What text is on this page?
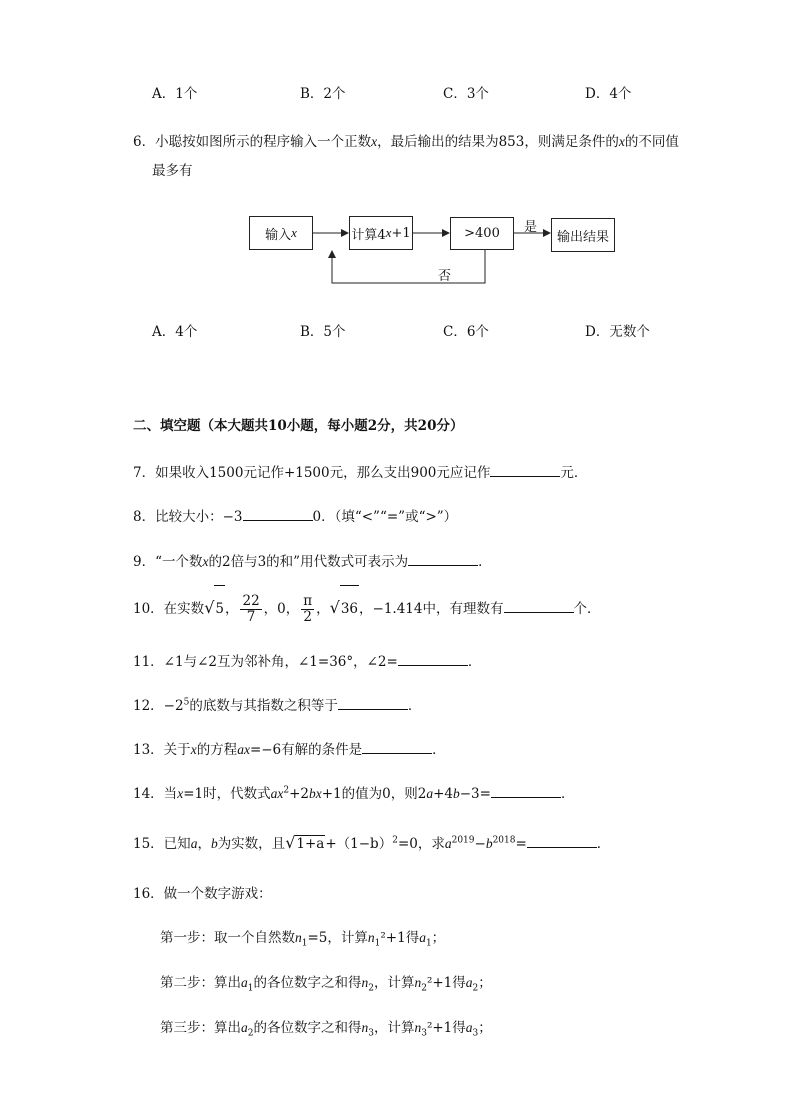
A．1个	B．2个	C．3个	D．4个
6．小聪按如图所示的程序输入一个正数x，最后输出的结果为853，则满足条件的x的不同值
最多有
输入 x	计算4 x +1	>400	输出结果
是
否
A．4个	B．5个	C．6个	D．无数个
二、填空题（本大题共10小题，每小题2分，共20分）
7．如果收入1500元记作+1500元，那么支出900元应记作	元．
8．比较大小：−3	0．（填“<”“=”或“>”）
9．“一个数x的2倍与3的和”用代数式可表示为	．
10．在实数√5， $\frac{22}{7}$ ，0， $\frac{\pi}{2}$ ，√36，−1.414中，有理数有	个．
11．∠1与∠2互为邻补角，∠1=36°，∠2=	．
12．$-2^5$的底数与其指数之积等于	．
13．关于x的方程ax=−6有解的条件是	．
14．当x=1时，代数式$ax^2+2bx+1$的值为0，则2a+4b−3=	．
15．已知a，b为实数，且$√1+a+(1-b)^2=0$，求$a^{2019}-b^{2018}=$	．
16．做一个数字游戏：
第一步：取一个自然数$n_1=5$，计算$n_1^2+1$得$a_1$；
第二步：算出$a_1$的各位数字之和得$n_2$，计算$n_2^2+1$得$a_2$；
第三步：算出$a_2$的各位数字之和得$n_3$，计算$n_3^2+1$得$a_3$；
